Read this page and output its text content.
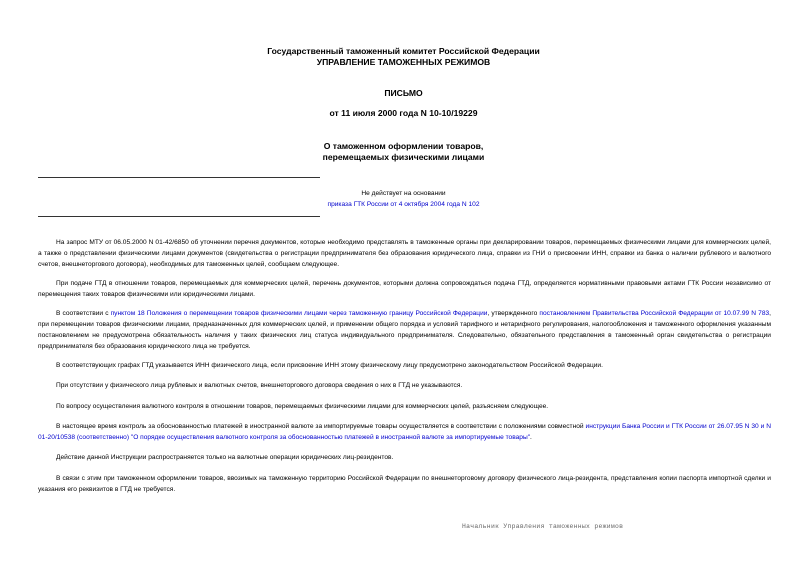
Государственный таможенный комитет Российской Федерации
УПРАВЛЕНИЕ ТАМОЖЕННЫХ РЕЖИМОВ
ПИСЬМО
от 11 июля 2000 года N 10-10/19229
О таможенном оформлении товаров,
перемещаемых физическими лицами
Не действует на основании
приказа ГТК России от 4 октября 2004 года N 102

На запрос МТУ от 06.05.2000 N 01-42/6850 об уточнении перечня документов, которые необходимо представлять в таможенные органы при декларировании товаров, перемещаемых физическими лицами для коммерческих целей, а также о представлении физическими лицами документов (свидетельства о регистрации предпринимателя без образования юридического лица, справки из ГНИ о присвоении ИНН, справки из банка о наличии рублевого и валютного счетов, внешнеторгового договора), необходимых для таможенных целей, сообщаем следующее.

При подаче ГТД в отношении товаров, перемещаемых для коммерческих целей, перечень документов, которыми должна сопровождаться подача ГТД, определяется нормативными правовыми актами ГТК России независимо от перемещения таких товаров физическими или юридическими лицами.

В соответствии с пунктом 18 Положения о перемещении товаров физическими лицами через таможенную границу Российской Федерации, утвержденного постановлением Правительства Российской Федерации от 10.07.99 N 783, при перемещении товаров физическими лицами, предназначенных для коммерческих целей, и применении общего порядка и условий тарифного и нетарифного регулирования, налогообложения и таможенного оформления указанным постановлением не предусмотрена обязательность наличия у таких физических лиц статуса индивидуального предпринимателя. Следовательно, обязательного представления в таможенный орган свидетельства о регистрации предпринимателя без образования юридического лица не требуется.

В соответствующих графах ГТД указывается ИНН физического лица, если присвоение ИНН этому физическому лицу предусмотрено законодательством Российской Федерации.

При отсутствии у физического лица рублевых и валютных счетов, внешнеторгового договора сведения о них в ГТД не указываются.

По вопросу осуществления валютного контроля в отношении товаров, перемещаемых физическими лицами для коммерческих целей, разъясняем следующее.

В настоящее время контроль за обоснованностью платежей в иностранной валюте за импортируемые товары осуществляется в соответствии с положениями совместной инструкции Банка России и ГТК России от 26.07.95 N 30 и N 01-20/10538 (соответственно) "О порядке осуществления валютного контроля за обоснованностью платежей в иностранной валюте за импортируемые товары".

Действие данной Инструкции распространяется только на валютные операции юридических лиц-резидентов.

В связи с этим при таможенном оформлении товаров, ввозимых на таможенную территорию Российской Федерации по внешнеторговому договору физического лица-резидента, представления копии паспорта импортной сделки и указания его реквизитов в ГТД не требуется.

Начальник Управления таможенных режимов
